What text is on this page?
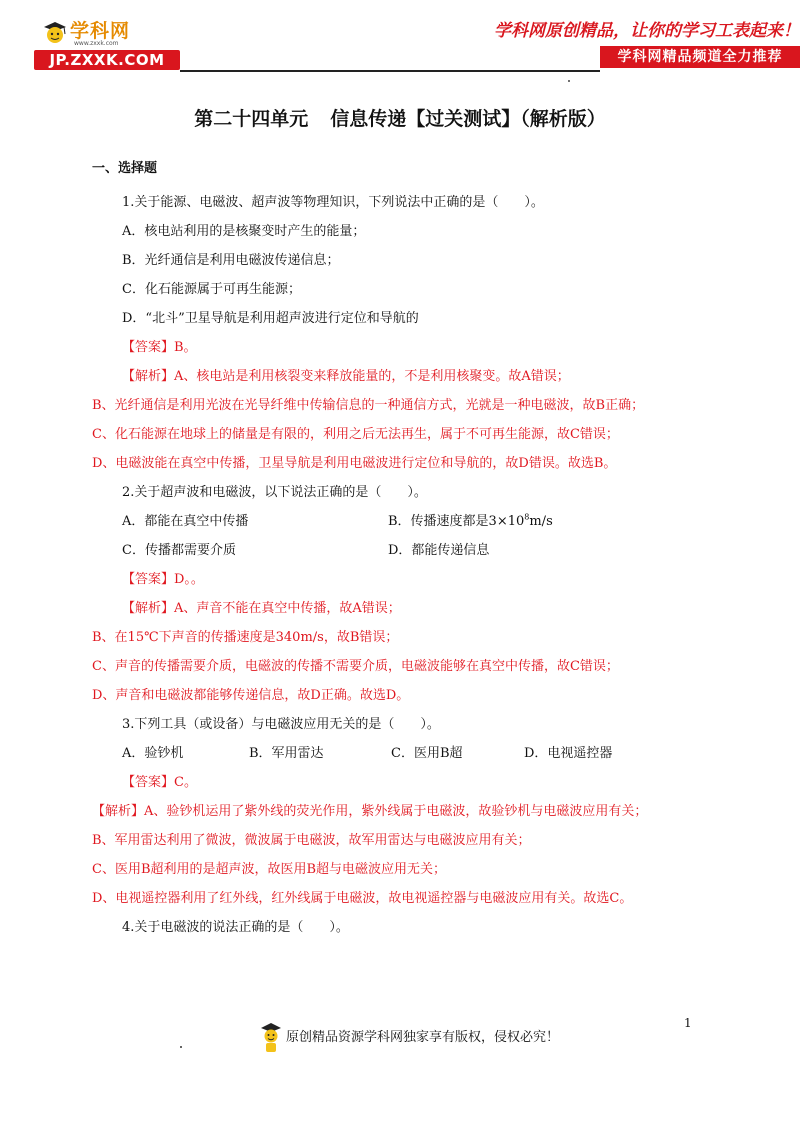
学科网
www.zxxk.com
JP.ZXXK.COM
学科网原创精品，让你的学习工表起来！
学科网精品频道全力推荐
第二十四单元 信息传递【过关测试】（解析版）
一、选择题
1.关于能源、电磁波、超声波等物理知识，下列说法中正确的是（　　）。
A．核电站利用的是核聚变时产生的能量；
B．光纤通信是利用电磁波传递信息；
C．化石能源属于可再生能源；
D．“北斗”卫星导航是利用超声波进行定位和导航的
【答案】B。
【解析】A、核电站是利用核裂变来释放能量的，不是利用核聚变。故A错误；
B、光纤通信是利用光波在光导纤维中传输信息的一种通信方式，光就是一种电磁波，故B正确；
C、化石能源在地球上的储量是有限的，利用之后无法再生，属于不可再生能源，故C错误；
D、电磁波能在真空中传播，卫星导航是利用电磁波进行定位和导航的，故D错误。故选B。
2.关于超声波和电磁波，以下说法正确的是（　　）。
A．都能在真空中传播	B．传播速度都是$3\times 10^8m/s$
C．传播都需要介质	D．都能传递信息
【答案】D。。
【解析】A、声音不能在真空中传播，故A错误；
B、在15℃下声音的传播速度是340m/s，故B错误；
C、声音的传播需要介质，电磁波的传播不需要介质，电磁波能够在真空中传播，故C错误；
D、声音和电磁波都能够传递信息，故D正确。故选D。
3.下列工具（或设备）与电磁波应用无关的是（　　）。
A．验钞机	B．军用雷达	C．医用B超	D．电视遥控器
【答案】C。
【解析】A、验钞机运用了紫外线的荧光作用，紫外线属于电磁波，故验钞机与电磁波应用有关；
B、军用雷达利用了微波，微波属于电磁波，故军用雷达与电磁波应用有关；
C、医用B超利用的是超声波，故医用B超与电磁波应用无关；
D、电视遥控器利用了红外线，红外线属于电磁波，故电视遥控器与电磁波应用有关。故选C。
4.关于电磁波的说法正确的是（　　）。
1
原创精品资源学科网独家享有版权，侵权必究！
